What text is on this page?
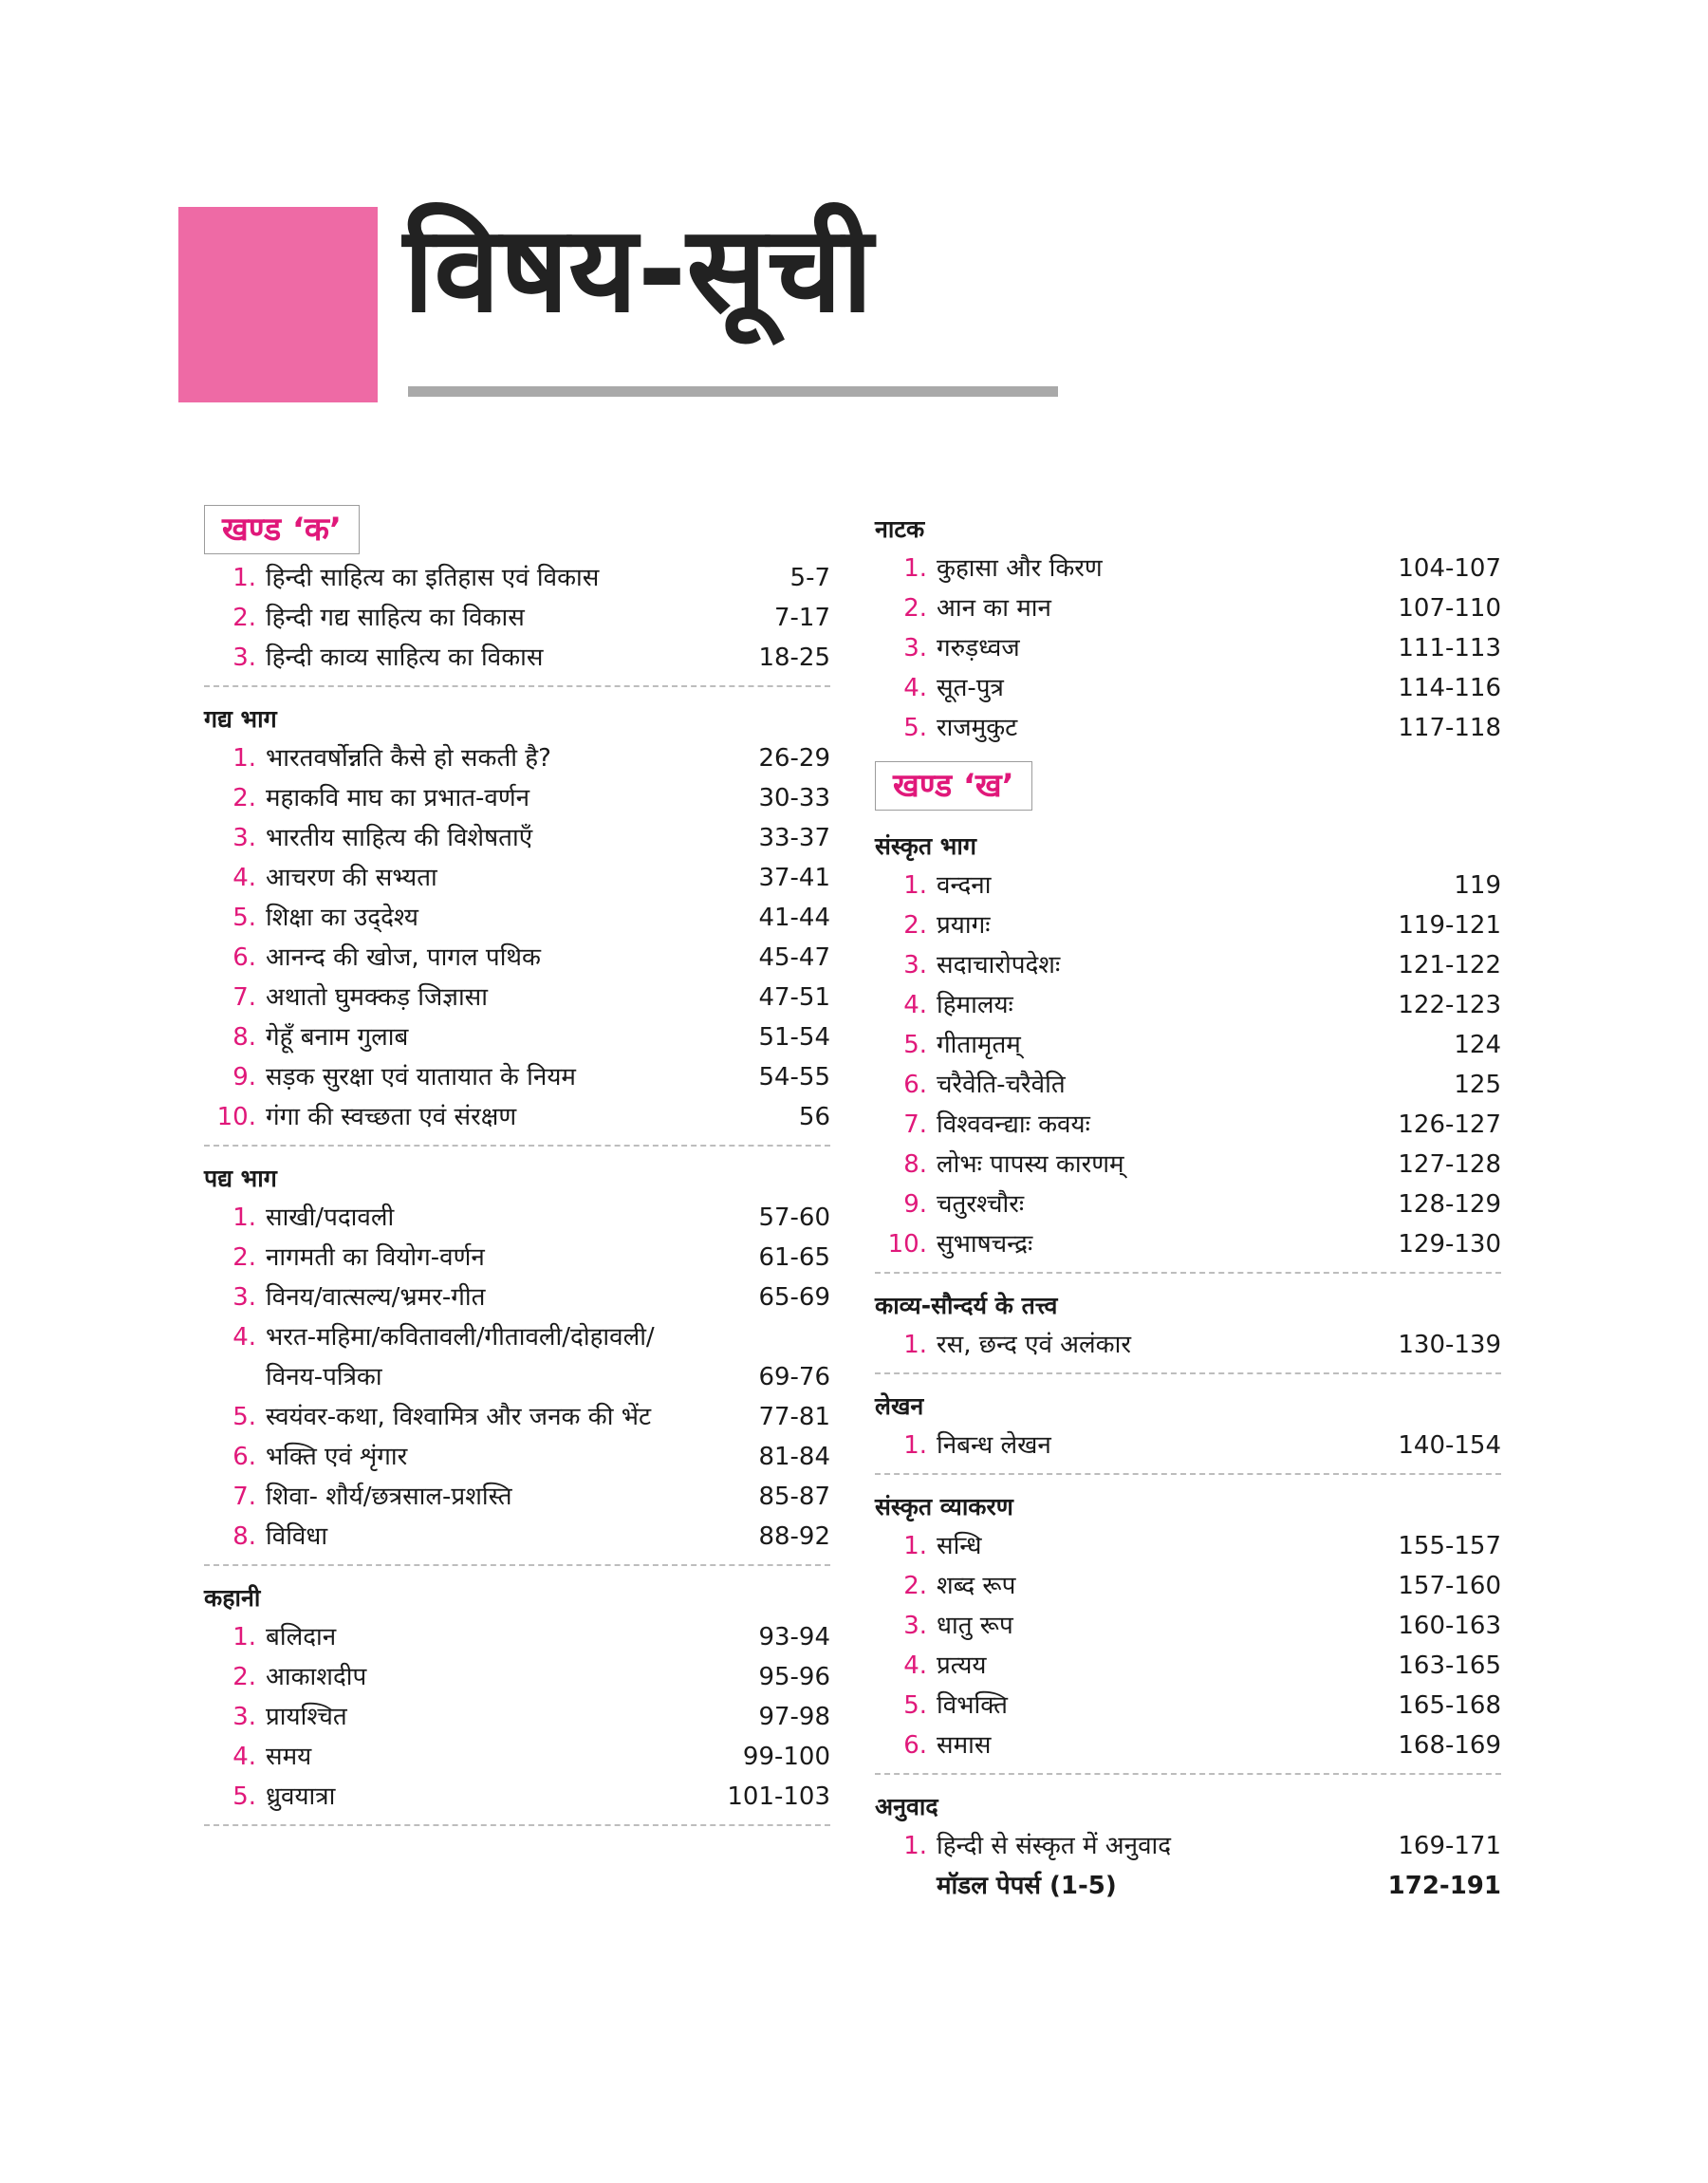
विषय-सूची
खण्ड ‘क’
1. हिन्दी साहित्य का इतिहास एवं विकास	5-7
2. हिन्दी गद्य साहित्य का विकास	7-17
3. हिन्दी काव्य साहित्य का विकास	18-25
गद्य भाग
1. भारतवर्षोन्नति कैसे हो सकती है?	26-29
2. महाकवि माघ का प्रभात-वर्णन	30-33
3. भारतीय साहित्य की विशेषताएँ	33-37
4. आचरण की सभ्यता	37-41
5. शिक्षा का उद्‌देश्य	41-44
6. आनन्द की खोज, पागल पथिक	45-47
7. अथातो घुमक्कड़ जिज्ञासा	47-51
8. गेहूँ बनाम गुलाब	51-54
9. सड़क सुरक्षा एवं यातायात के नियम	54-55
10. गंगा की स्वच्छता एवं संरक्षण	56
पद्य भाग
1. साखी/पदावली	57-60
2. नागमती का वियोग-वर्णन	61-65
3. विनय/वात्सल्य/भ्रमर-गीत	65-69
4. भरत-महिमा/कवितावली/गीतावली/दोहावली/
विनय-पत्रिका	69-76
5. स्वयंवर-कथा, विश्वामित्र और जनक की भेंट	77-81
6. भक्ति एवं शृंगार	81-84
7. शिवा- शौर्य/छत्रसाल-प्रशस्ति	85-87
8. विविधा	88-92
कहानी
1. बलिदान	93-94
2. आकाशदीप	95-96
3. प्रायश्चित	97-98
4. समय	99-100
5. ध्रुवयात्रा	101-103
नाटक
1. कुहासा और किरण	104-107
2. आन का मान	107-110
3. गरुड़ध्वज	111-113
4. सूत-पुत्र	114-116
5. राजमुकुट	117-118
खण्ड ‘ख’
संस्कृत भाग
1. वन्दना	119
2. प्रयागः	119-121
3. सदाचारोपदेशः	121-122
4. हिमालयः	122-123
5. गीतामृतम्	124
6. चरैवेति-चरैवेति	125
7. विश्ववन्द्याः कवयः	126-127
8. लोभः पापस्य कारणम्	127-128
9. चतुरश्चौरः	128-129
10. सुभाषचन्द्रः	129-130
काव्य-सौन्दर्य के तत्त्व
1. रस, छन्द एवं अलंकार	130-139
लेखन
1. निबन्ध लेखन	140-154
संस्कृत व्याकरण
1. सन्धि	155-157
2. शब्द रूप	157-160
3. धातु रूप	160-163
4. प्रत्यय	163-165
5. विभक्ति	165-168
6. समास	168-169
अनुवाद
1. हिन्दी से संस्कृत में अनुवाद	169-171
मॉडल पेपर्स (1-5)	172-191
